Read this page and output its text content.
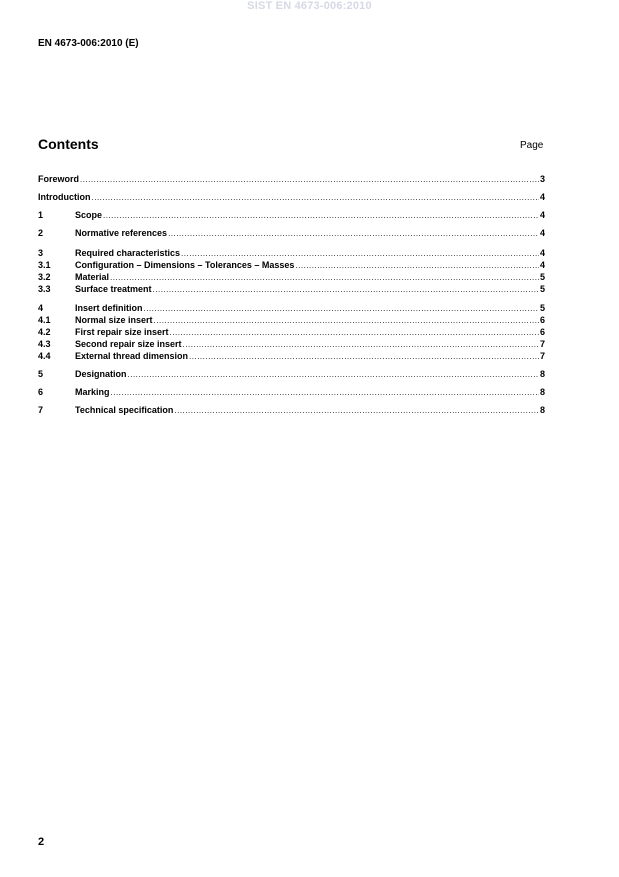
SIST EN 4673-006:2010
EN 4673-006:2010 (E)
Contents	Page
Foreword .....	3
Introduction .....	4
1	Scope .....	4
2	Normative references .....	4
3	Required characteristics .....	4
3.1	Configuration – Dimensions – Tolerances – Masses .....	4
3.2	Material .....	5
3.3	Surface treatment .....	5
4	Insert definition .....	5
4.1	Normal size insert .....	6
4.2	First repair size insert .....	6
4.3	Second repair size insert .....	7
4.4	External thread dimension .....	7
5	Designation .....	8
6	Marking .....	8
7	Technical specification .....	8
2
